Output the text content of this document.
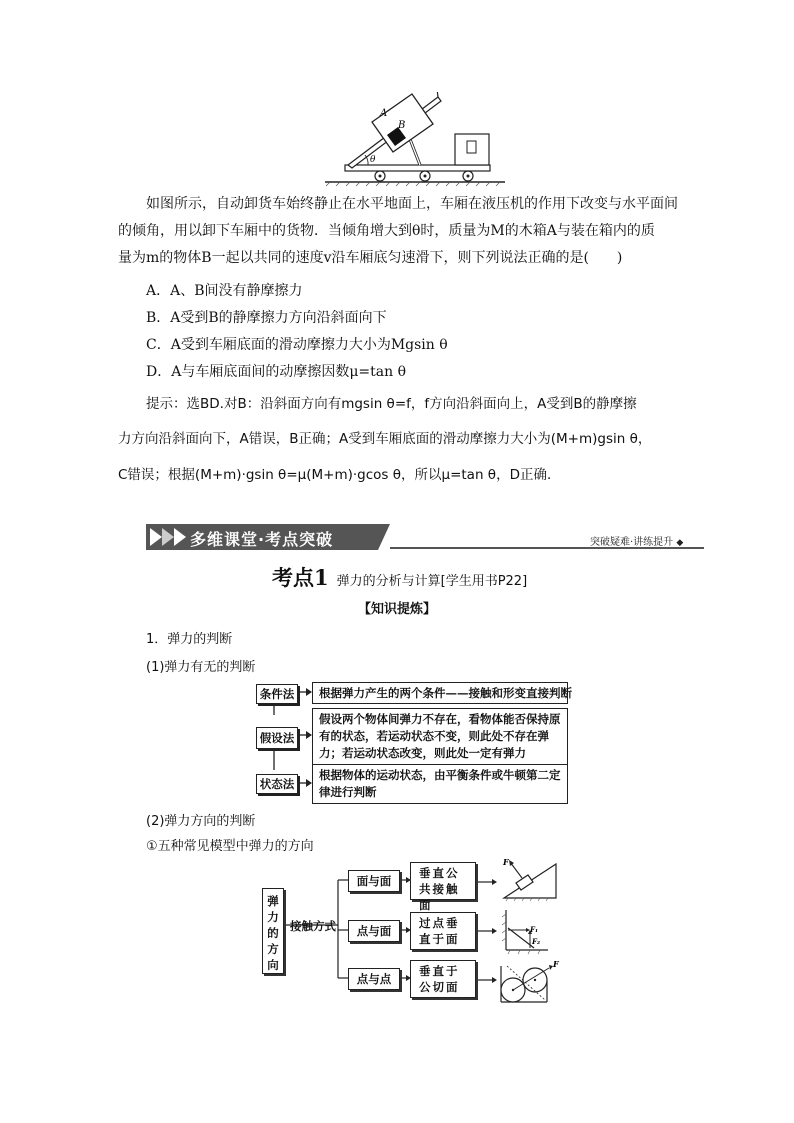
A
B
θ
如图所示，自动卸货车始终静止在水平地面上，车厢在液压机的作用下改变与水平面间
的倾角，用以卸下车厢中的货物．当倾角增大到θ时，质量为M的木箱A与装在箱内的质
量为m的物体B一起以共同的速度v沿车厢底匀速滑下，则下列说法正确的是(　　)
A．A、B间没有静摩擦力
B．A受到B的静摩擦力方向沿斜面向下
C．A受到车厢底面的滑动摩擦力大小为Mgsin θ
D．A与车厢底面间的动摩擦因数μ=tan θ
提示：选BD.对B：沿斜面方向有mgsin θ=f，f方向沿斜面向上，A受到B的静摩擦
力方向沿斜面向下，A错误，B正确；A受到车厢底面的滑动摩擦力大小为(M+m)gsin θ，
C错误；根据(M+m)·gsin θ=μ(M+m)·gcos θ，所以μ=tan θ，D正确．
多维课堂·考点突破	突破疑难·讲练提升 ◆
考点1 弹力的分析与计算[学生用书P22]
【知识提炼】
1．弹力的判断
(1)弹力有无的判断
条件法
假设法
状态法
根据弹力产生的两个条件——接触和形变直接判断
假设两个物体间弹力不存在，看物体能否保持原有的状态，若运动状态不变，则此处不存在弹力；若运动状态改变，则此处一定有弹力
根据物体的运动状态，由平衡条件或牛顿第二定律进行判断
(2)弹力方向的判断
①五种常见模型中弹力的方向
弹
力
的
方
向
接触方式
面与面
点与面
点与点
垂直公共接触面
过点垂直于面
垂直于公切面
F
F₁
F₂
F
